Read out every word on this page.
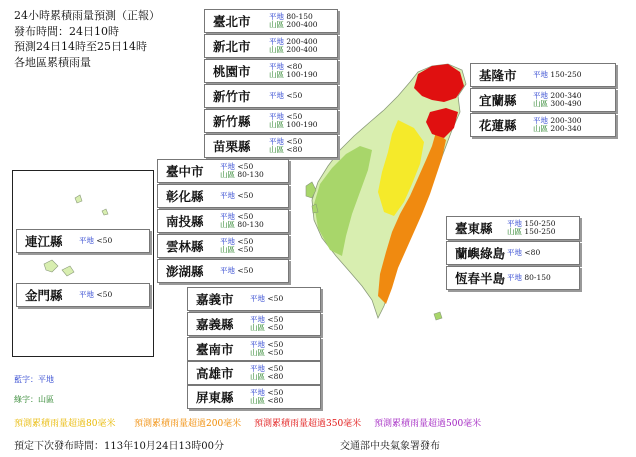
24小時累積雨量預測（正報）
發布時間：24日10時
預測24日14時至25日14時
各地區累積雨量
臺北市 平地 80-150
山區 200-400
新北市 平地 200-400
山區 200-400
桃園市 平地 <80
山區 100-190
新竹市 平地 <50
新竹縣 平地 <50
山區 100-190
苗栗縣 平地 <50
山區 <80
基隆市 平地 150-250
宜蘭縣 平地 200-340
山區 300-490
花蓮縣 平地 200-300
山區 200-340
臺中市 平地 <50
山區 80-130
彰化縣 平地 <50
南投縣 平地 <50
山區 80-130
雲林縣 平地 <50
山區 <50
澎湖縣 平地 <50
連江縣 平地 <50
金門縣 平地 <50	嘉義市 平地 <50
嘉義縣 平地 <50
山區 <50
臺南市 平地 <50
山區 <50
高雄市 平地 <50
山區 <80
屏東縣 平地 <50
山區 <80
臺東縣 平地 150-250
山區 150-250
蘭嶼綠島 平地 <80
恆春半島 平地 80-150
藍字：平地
綠字：山區
預測累積雨量超過80毫米 預測累積雨量超過200毫米 預測累積雨量超過350毫米 預測累積雨量超過500毫米
預定下次發布時間：113年10月24日13時00分	交通部中央氣象署發布
